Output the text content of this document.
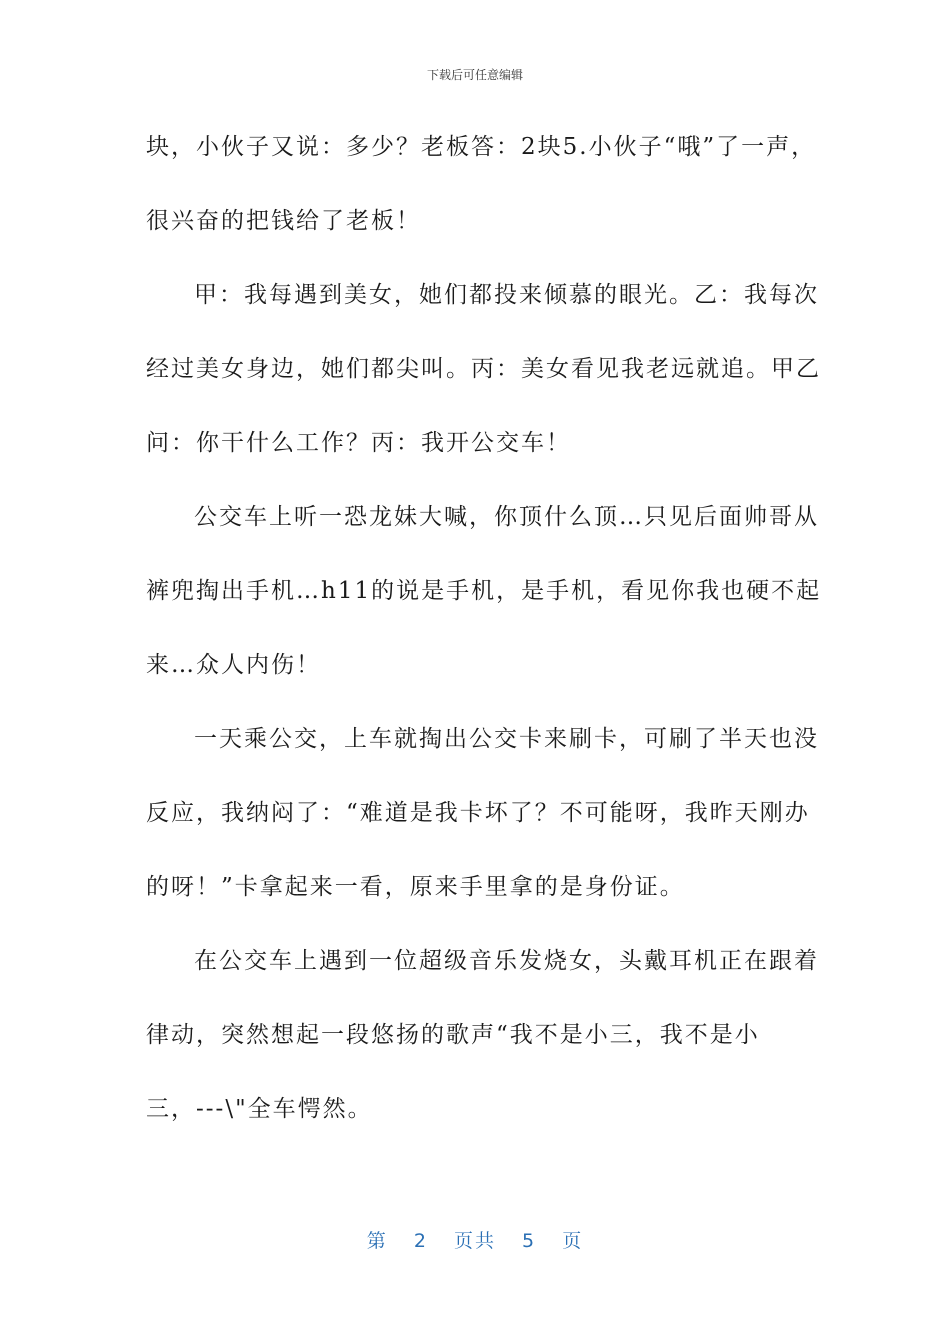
下载后可任意编辑
块，小伙子又说：多少？老板答：2块5.小伙子“哦”了一声，
很兴奋的把钱给了老板！
甲：我每遇到美女，她们都投来倾慕的眼光。乙：我每次
经过美女身边，她们都尖叫。丙：美女看见我老远就追。甲乙
问：你干什么工作？丙：我开公交车！
公交车上听一恐龙妹大喊，你顶什么顶…只见后面帅哥从
裤兜掏出手机…h11的说是手机，是手机，看见你我也硬不起
来…众人内伤！
一天乘公交，上车就掏出公交卡来刷卡，可刷了半天也没
反应，我纳闷了：“难道是我卡坏了？不可能呀，我昨天刚办
的呀！”卡拿起来一看，原来手里拿的是身份证。
在公交车上遇到一位超级音乐发烧女，头戴耳机正在跟着
律动，突然想起一段悠扬的歌声“我不是小三，我不是小
三，---\"全车愕然。
第 2 页共 5 页
